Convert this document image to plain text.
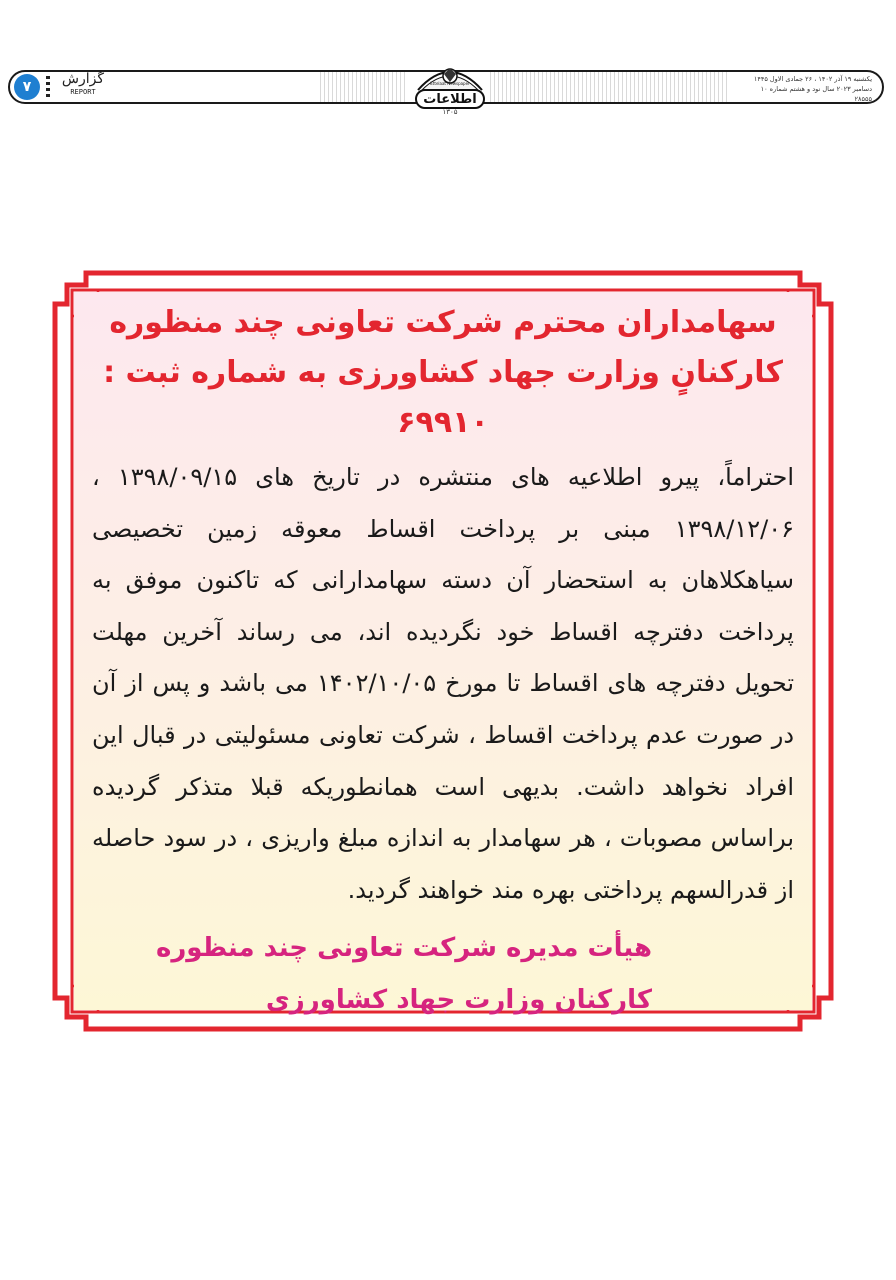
۷	گزارش
REPORT
Ettelaat Newspaper
اطلاعات
۱۳۰۵
یکشنبه ۱۹ آذر ۱۴۰۲ ، ۲۶ جمادی الاول ۱۴۴۵
۱۰ دسامبر ۲۰۲۳ سال نود و هشتم شماره ۲۸۵۵۵
سهامداران محترم شرکت تعاونی چند منظوره
کارکنانٍ وزارت جهاد کشاورزی به شماره ثبت : ۶۹۹۱۰

احتراماً، پیرو اطلاعیه های منتشره در تاریخ های ۱۳۹۸/۰۹/۱۵ ، ۱۳۹۸/۱۲/۰۶ مبنی بر پرداخت اقساط معوقه زمین تخصیصی سیاهکلاهان به استحضار آن دسته سهامدارانی که تاکنون موفق به پرداخت دفترچه اقساط خود نگردیده اند، می رساند آخرین مهلت تحویل دفترچه های اقساط تا مورخ ۱۴۰۲/۱۰/۰۵ می باشد و پس از آن در صورت عدم پرداخت اقساط ، شرکت تعاونی مسئولیتی در قبال این افراد نخواهد داشت. بدیهی است همانطوریکه قبلا متذکر گردیده براساس مصوبات ، هر سهامدار به اندازه مبلغ واریزی ، در سود حاصله از قدرالسهم پرداختی بهره مند خواهند گردید.

هیأت مدیره شرکت تعاونی چند منظوره
کارکنان وزارت جهاد کشاورزی
